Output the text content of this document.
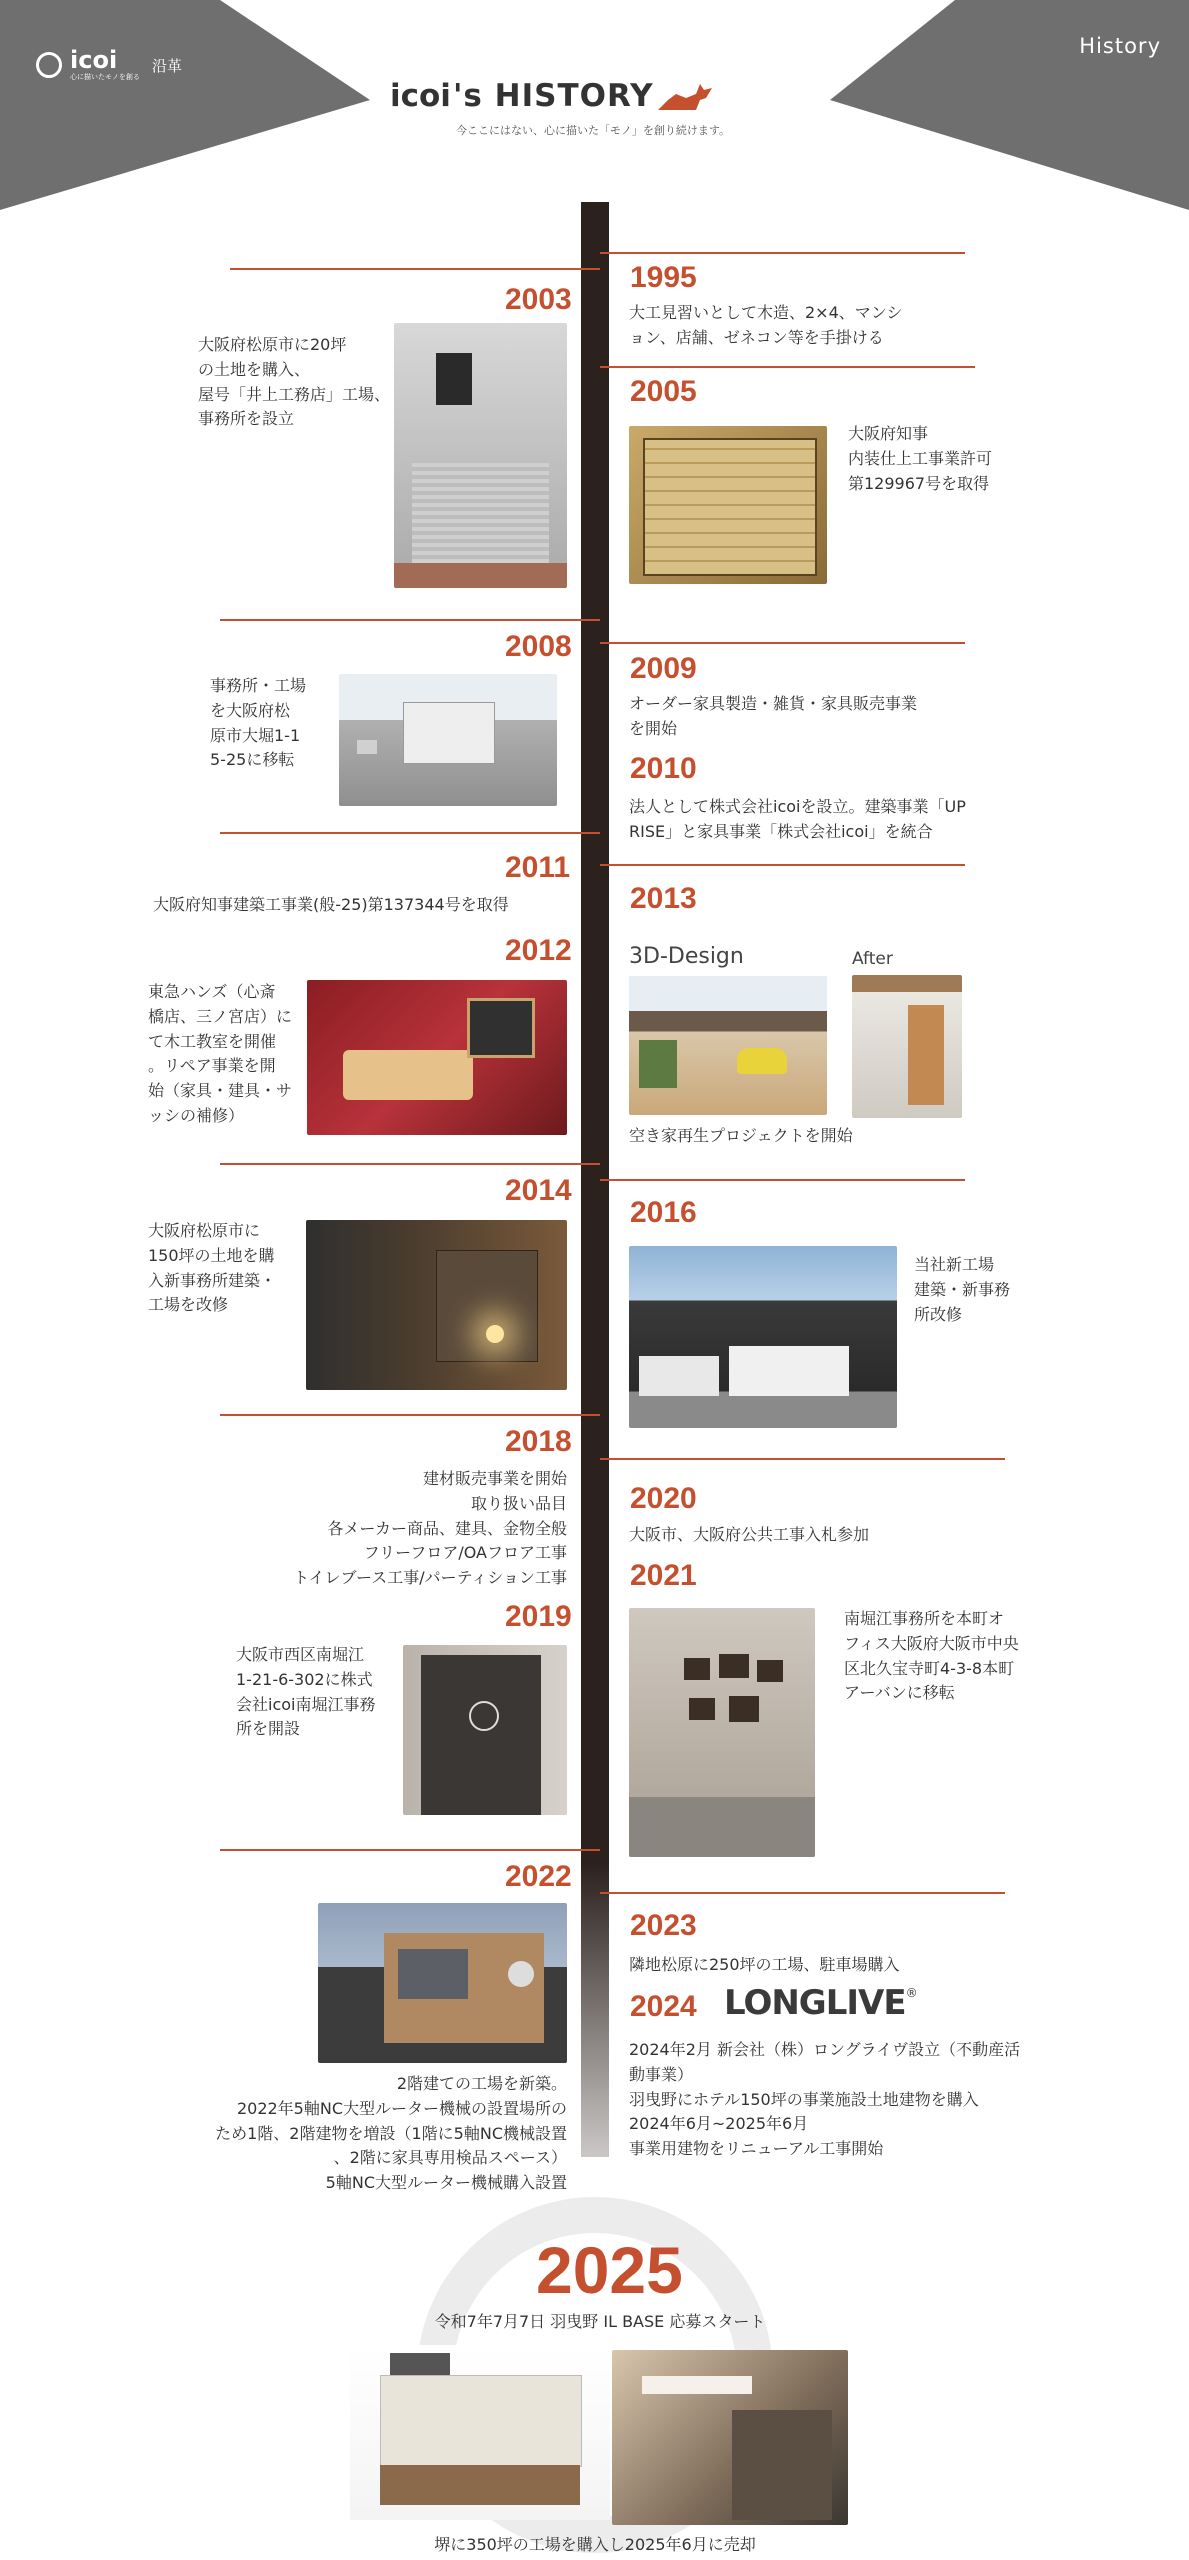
icoi
心に描いたモノを創る
沿革
History
icoi 's HISTORY
今ここにはない、心に描いた「モノ」を創り続けます。
1995
大工見習いとして木造、2×4、マンシ
ョン、店舗、ゼネコン等を手掛ける
2003
大阪府松原市に20坪
の土地を購入、
屋号「井上工務店」工場、
事務所を設立
2005
大阪府知事
内装仕上工事業許可
第129967号を取得
2008
事務所・工場
を大阪府松
原市大堀1-1
5-25に移転
2009
オーダー家具製造・雑貨・家具販売事業
を開始
2010
法人として株式会社icoiを設立。建築事業「UP
RISE」と家具事業「株式会社icoi」を統合
2011
大阪府知事建築工事業(般-25)第137344号を取得	2013
3D-Design	After
空き家再生プロジェクトを開始
2012
東急ハンズ（心斎
橋店、三ノ宮店）に
て木工教室を開催
。リペア事業を開
始（家具・建具・サ
ッシの補修）
2014
大阪府松原市に
150坪の土地を購
入新事務所建築・
工場を改修
2016
当社新工場
建築・新事務
所改修
2018
建材販売事業を開始
取り扱い品目
各メーカー商品、建具、金物全般
フリーフロア/OAフロア工事
トイレブース工事/パーティション工事
2020
大阪市、大阪府公共工事入札参加
2021
南堀江事務所を本町オ
フィス大阪府大阪市中央
区北久宝寺町4-3-8本町
アーバンに移転
2019
大阪市西区南堀江
1-21-6-302に株式
会社icoi南堀江事務
所を開設
2022
2階建ての工場を新築。
2022年5軸NC大型ルーター機械の設置場所の
ため1階、2階建物を増設（1階に5軸NC機械設置
、2階に家具専用検品スペース）
5軸NC大型ルーター機械購入設置
2023
隣地松原に250坪の工場、駐車場購入
2024 LONGLIVE ®
2024年2月 新会社（株）ロングライヴ設立（不動産活
動事業）
羽曳野にホテル150坪の事業施設土地建物を購入
2024年6月~2025年6月
事業用建物をリニューアル工事開始
2025
令和7年7月7日 羽曳野 IL BASE 応募スタート
堺に350坪の工場を購入し2025年6月に売却
